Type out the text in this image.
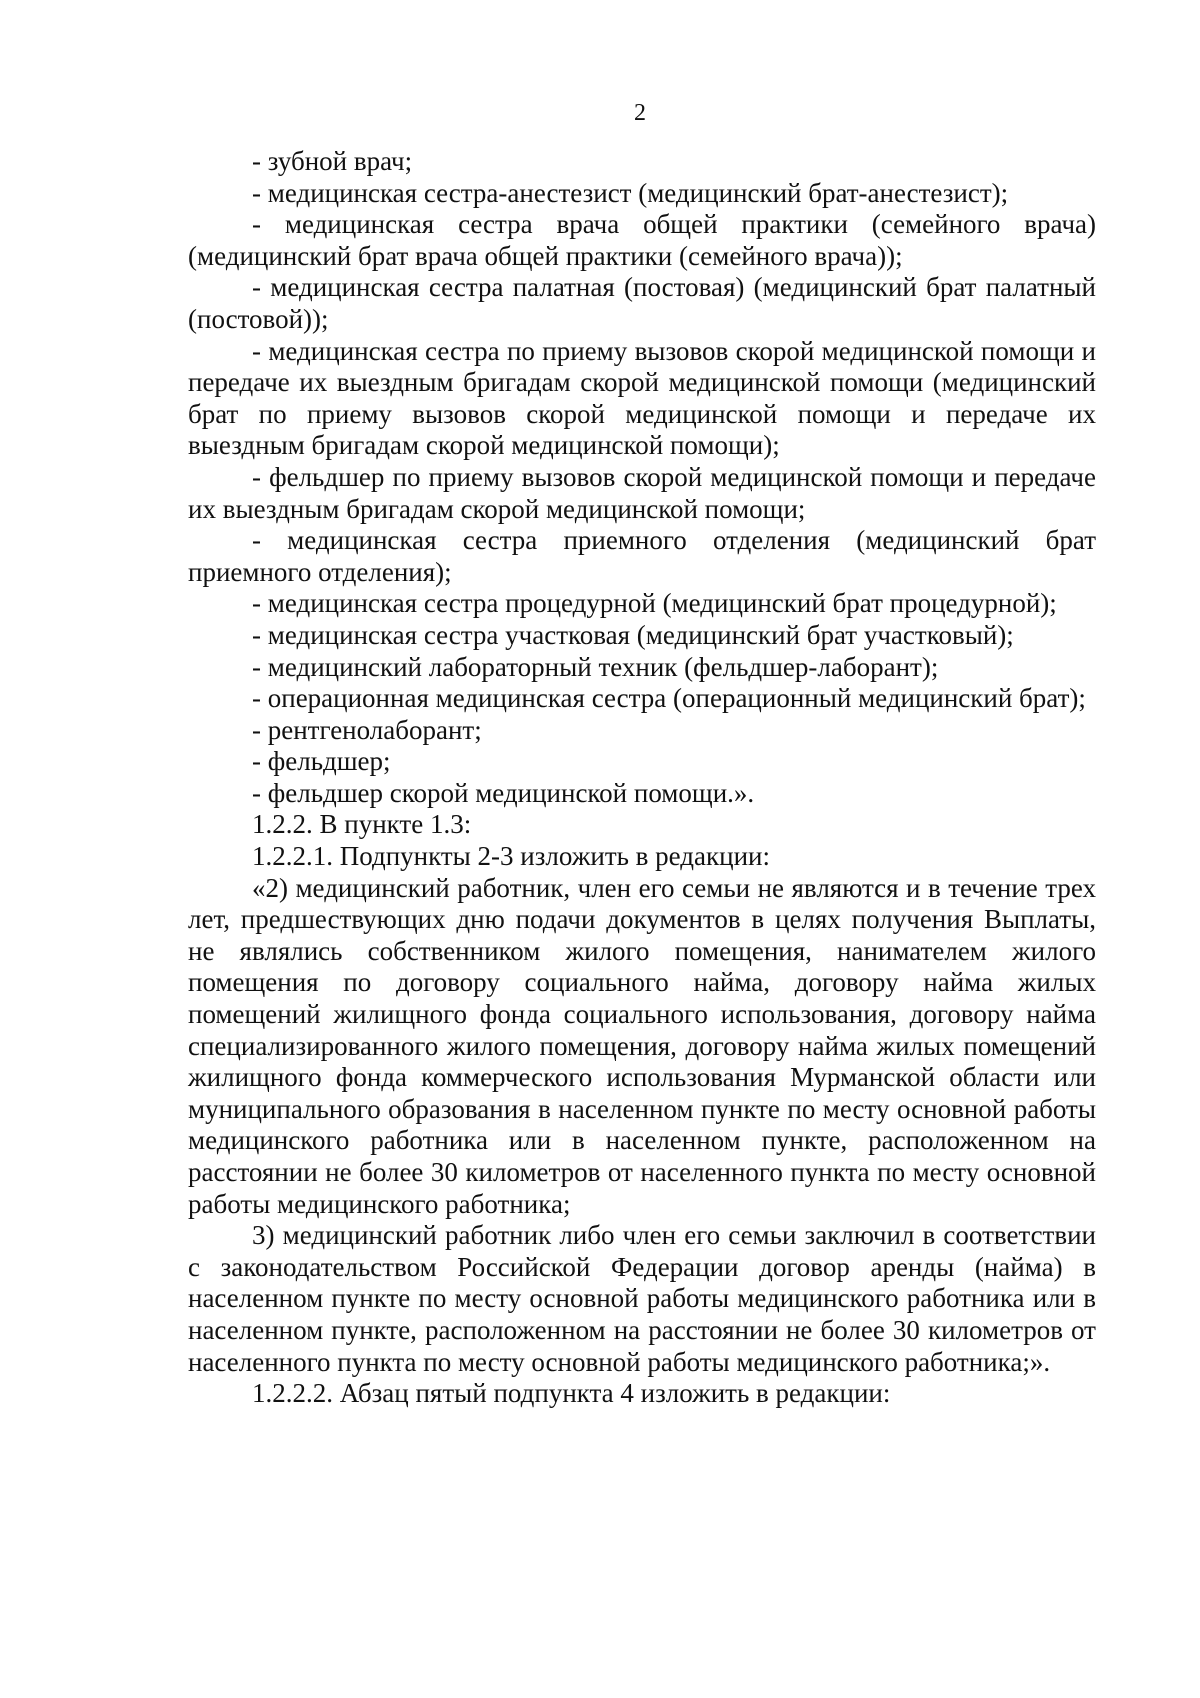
2

- зубной врач;

- медицинская сестра-анестезист (медицинский брат-анестезист);

- медицинская сестра врача общей практики (семейного врача) (медицинский брат врача общей практики (семейного врача));

- медицинская сестра палатная (постовая) (медицинский брат палатный (постовой));

- медицинская сестра по приему вызовов скорой медицинской помощи и передаче их выездным бригадам скорой медицинской помощи (медицинский брат по приему вызовов скорой медицинской помощи и передаче их выездным бригадам скорой медицинской помощи);

- фельдшер по приему вызовов скорой медицинской помощи и передаче их выездным бригадам скорой медицинской помощи;

- медицинская сестра приемного отделения (медицинский брат приемного отделения);

- медицинская сестра процедурной (медицинский брат процедурной);

- медицинская сестра участковая (медицинский брат участковый);

- медицинский лабораторный техник (фельдшер-лаборант);

- операционная медицинская сестра (операционный медицинский брат);

- рентгенолаборант;

- фельдшер;

- фельдшер скорой медицинской помощи.».

1.2.2. В пункте 1.3:

1.2.2.1. Подпункты 2-3 изложить в редакции:

«2) медицинский работник, член его семьи не являются и в течение трех лет, предшествующих дню подачи документов в целях получения Выплаты, не являлись собственником жилого помещения, нанимателем жилого помещения по договору социального найма, договору найма жилых помещений жилищного фонда социального использования, договору найма специализированного жилого помещения, договору найма жилых помещений жилищного фонда коммерческого использования Мурманской области или муниципального образования в населенном пункте по месту основной работы медицинского работника или в населенном пункте, расположенном на расстоянии не более 30 километров от населенного пункта по месту основной работы медицинского работника;

3) медицинский работник либо член его семьи заключил в соответствии с законодательством Российской Федерации договор аренды (найма) в населенном пункте по месту основной работы медицинского работника или в населенном пункте, расположенном на расстоянии не более 30 километров от населенного пункта по месту основной работы медицинского работника;».

1.2.2.2. Абзац пятый подпункта 4 изложить в редакции:
